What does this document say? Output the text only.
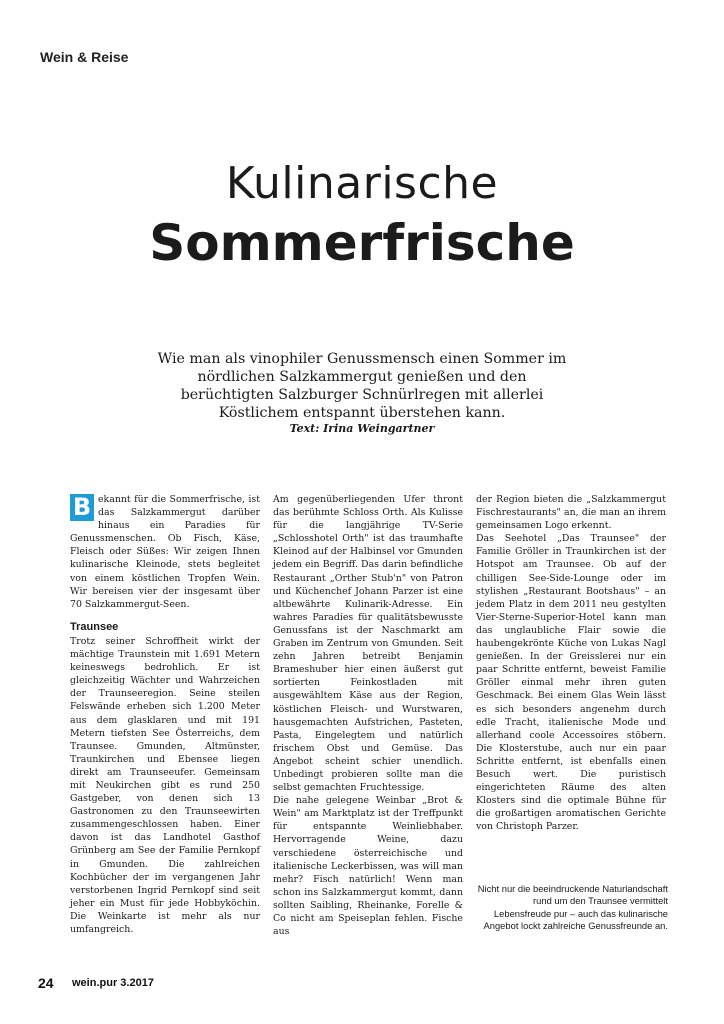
Wein & Reise
Kulinarische
Sommerfrische
Wie man als vinophiler Genussmensch einen Sommer im nördlichen Salzkammergut genießen und den berüchtigten Salzburger Schnürlregen mit allerlei Köstlichem entspannt überstehen kann.
Text: Irina Weingartner

B ekannt für die Sommerfrische, ist das Salzkammergut darüber hinaus ein Paradies für Genussmenschen. Ob Fisch, Käse, Fleisch oder Süßes: Wir zeigen Ihnen kulinarische Kleinode, stets begleitet von einem köstlichen Tropfen Wein. Wir bereisen vier der insgesamt über 70 Salzkammergut-Seen.

Traunsee

Trotz seiner Schroffheit wirkt der mächtige Traunstein mit 1.691 Metern keineswegs bedrohlich. Er ist gleichzeitig Wächter und Wahrzeichen der Traunseeregion. Seine steilen Felswände erheben sich 1.200 Meter aus dem glasklaren und mit 191 Metern tiefsten See Österreichs, dem Traunsee. Gmunden, Altmünster, Traunkirchen und Ebensee liegen direkt am Traunseeufer. Gemeinsam mit Neukirchen gibt es rund 250 Gastgeber, von denen sich 13 Gastronomen zu den Traunseewirten zusammengeschlossen haben. Einer davon ist das Landhotel Gasthof Grünberg am See der Familie Pernkopf in Gmunden. Die zahlreichen Kochbücher der im vergangenen Jahr verstorbenen Ingrid Pernkopf sind seit jeher ein Must für jede Hobbyköchin. Die Weinkarte ist mehr als nur umfangreich.

Am gegenüberliegenden Ufer thront das berühmte Schloss Orth. Als Kulisse für die langjährige TV-Serie „Schlosshotel Orth" ist das traumhafte Kleinod auf der Halbinsel vor Gmunden jedem ein Begriff. Das darin befindliche Restaurant „Orther Stub'n" von Patron und Küchenchef Johann Parzer ist eine altbewährte Kulinarik-Adresse. Ein wahres Paradies für qualitätsbewusste Genussfans ist der Naschmarkt am Graben im Zentrum von Gmunden. Seit zehn Jahren betreibt Benjamin Brameshuber hier einen äußerst gut sortierten Feinkostladen mit ausgewähltem Käse aus der Region, köstlichen Fleisch- und Wurstwaren, hausgemachten Aufstrichen, Pasteten, Pasta, Eingelegtem und natürlich frischem Obst und Gemüse. Das Angebot scheint schier unendlich. Unbedingt probieren sollte man die selbst gemachten Fruchtessige.

Die nahe gelegene Weinbar „Brot & Wein" am Marktplatz ist der Treffpunkt für entspannte Weinliebhaber. Hervorragende Weine, dazu verschiedene österreichische und italienische Leckerbissen, was will man mehr? Fisch natürlich! Wenn man schon ins Salzkammergut kommt, dann sollten Saibling, Rheinanke, Forelle & Co nicht am Speiseplan fehlen. Fische aus

der Region bieten die „Salzkammergut Fischrestaurants" an, die man an ihrem gemeinsamen Logo erkennt.

Das Seehotel „Das Traunsee" der Familie Gröller in Traunkirchen ist der Hotspot am Traunsee. Ob auf der chilligen See-Side-Lounge oder im stylishen „Restaurant Bootshaus" – an jedem Platz in dem 2011 neu gestylten Vier-Sterne-Superior-Hotel kann man das unglaubliche Flair sowie die haubengekrönte Küche von Lukas Nagl genießen. In der Greisslerei nur ein paar Schritte entfernt, beweist Familie Gröller einmal mehr ihren guten Geschmack. Bei einem Glas Wein lässt es sich besonders angenehm durch edle Tracht, italienische Mode und allerhand coole Accessoires stöbern. Die Klosterstube, auch nur ein paar Schritte entfernt, ist ebenfalls einen Besuch wert. Die puristisch eingerichteten Räume des alten Klosters sind die optimale Bühne für die großartigen aromatischen Gerichte von Christoph Parzer.

Nicht nur die beeindruckende Naturlandschaft rund um den Traunsee vermittelt Lebensfreude pur – auch das kulinarische Angebot lockt zahlreiche Genussfreunde an.
24 wein.pur 3.2017
